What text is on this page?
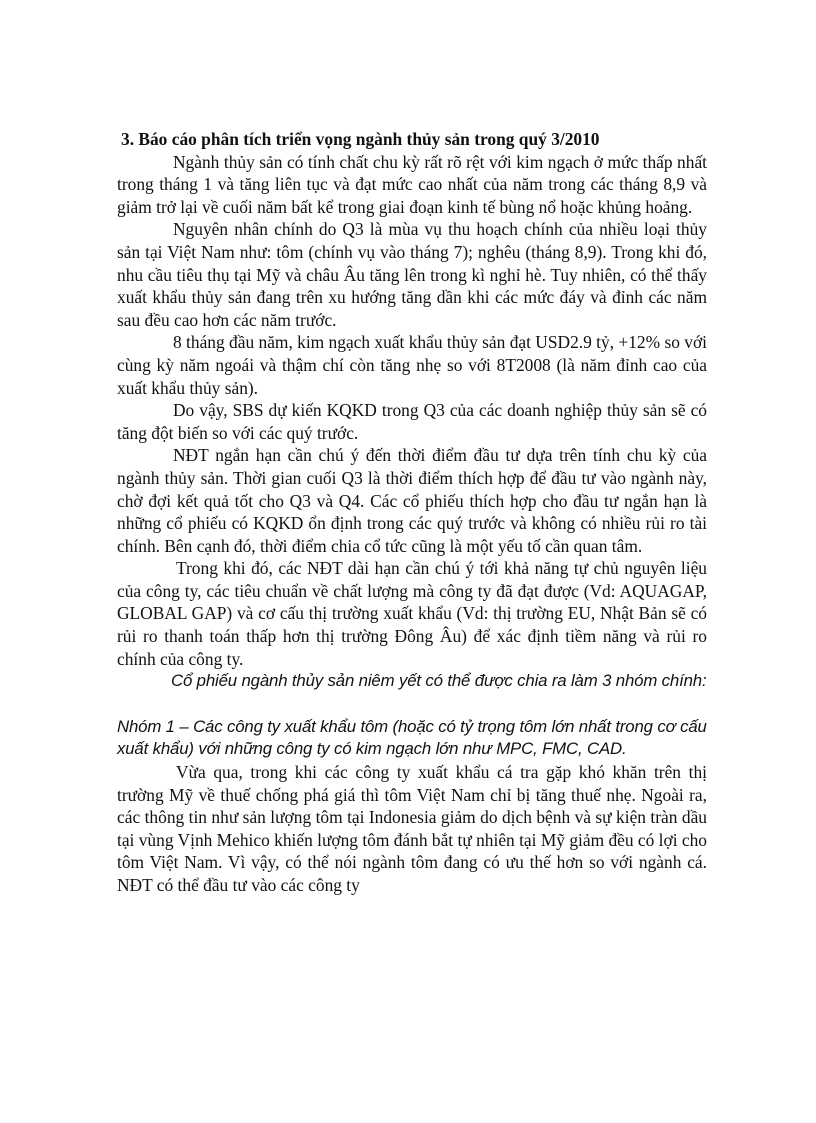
3. Báo cáo phân tích triển vọng ngành thủy sản trong quý 3/2010

Ngành thủy sản có tính chất chu kỳ rất rõ rệt với kim ngạch ở mức thấp nhất trong tháng 1 và tăng liên tục và đạt mức cao nhất của năm trong các tháng 8,9 và giảm trở lại về cuối năm bất kể trong giai đoạn kinh tế bùng nổ hoặc khủng hoảng.

Nguyên nhân chính do Q3 là mùa vụ thu hoạch chính của nhiều loại thủy sản tại Việt Nam như: tôm (chính vụ vào tháng 7); nghêu (tháng 8,9). Trong khi đó, nhu cầu tiêu thụ tại Mỹ và châu Âu tăng lên trong kì nghỉ hè. Tuy nhiên, có thể thấy xuất khẩu thủy sản đang trên xu hướng tăng dần khi các mức đáy và đỉnh các năm sau đều cao hơn các năm trước.

8 tháng đầu năm, kim ngạch xuất khẩu thủy sản đạt USD2.9 tỷ, +12% so với cùng kỳ năm ngoái và thậm chí còn tăng nhẹ so với 8T2008 (là năm đỉnh cao của xuất khẩu thủy sản).

Do vậy, SBS dự kiến KQKD trong Q3 của các doanh nghiệp thủy sản sẽ có tăng đột biến so với các quý trước.

NĐT ngắn hạn cần chú ý đến thời điểm đầu tư dựa trên tính chu kỳ của ngành thủy sản. Thời gian cuối Q3 là thời điểm thích hợp để đầu tư vào ngành này, chờ đợi kết quả tốt cho Q3 và Q4. Các cổ phiếu thích hợp cho đầu tư ngắn hạn là những cổ phiếu có KQKD ổn định trong các quý trước và không có nhiều rủi ro tài chính. Bên cạnh đó, thời điểm chia cổ tức cũng là một yếu tố cần quan tâm.

Trong khi đó, các NĐT dài hạn cần chú ý tới khả năng tự chủ nguyên liệu của công ty, các tiêu chuẩn về chất lượng mà công ty đã đạt được (Vd: AQUAGAP, GLOBAL GAP) và cơ cấu thị trường xuất khẩu (Vd: thị trường EU, Nhật Bản sẽ có rủi ro thanh toán thấp hơn thị trường Đông Âu) để xác định tiềm năng và rủi ro chính của công ty.

Cổ phiếu ngành thủy sản niêm yết có thể được chia ra làm 3 nhóm chính:

Nhóm 1 – Các công ty xuất khẩu tôm (hoặc có tỷ trọng tôm lớn nhất trong cơ cấu xuất khẩu) với những công ty có kim ngạch lớn như MPC, FMC, CAD.

Vừa qua, trong khi các công ty xuất khẩu cá tra gặp khó khăn trên thị trường Mỹ về thuế chống phá giá thì tôm Việt Nam chỉ bị tăng thuế nhẹ. Ngoài ra, các thông tin như sản lượng tôm tại Indonesia giảm do dịch bệnh và sự kiện tràn dầu tại vùng Vịnh Mehico khiến lượng tôm đánh bắt tự nhiên tại Mỹ giảm đều có lợi cho tôm Việt Nam. Vì vậy, có thể nói ngành tôm đang có ưu thế hơn so với ngành cá. NĐT có thể đầu tư vào các công ty
